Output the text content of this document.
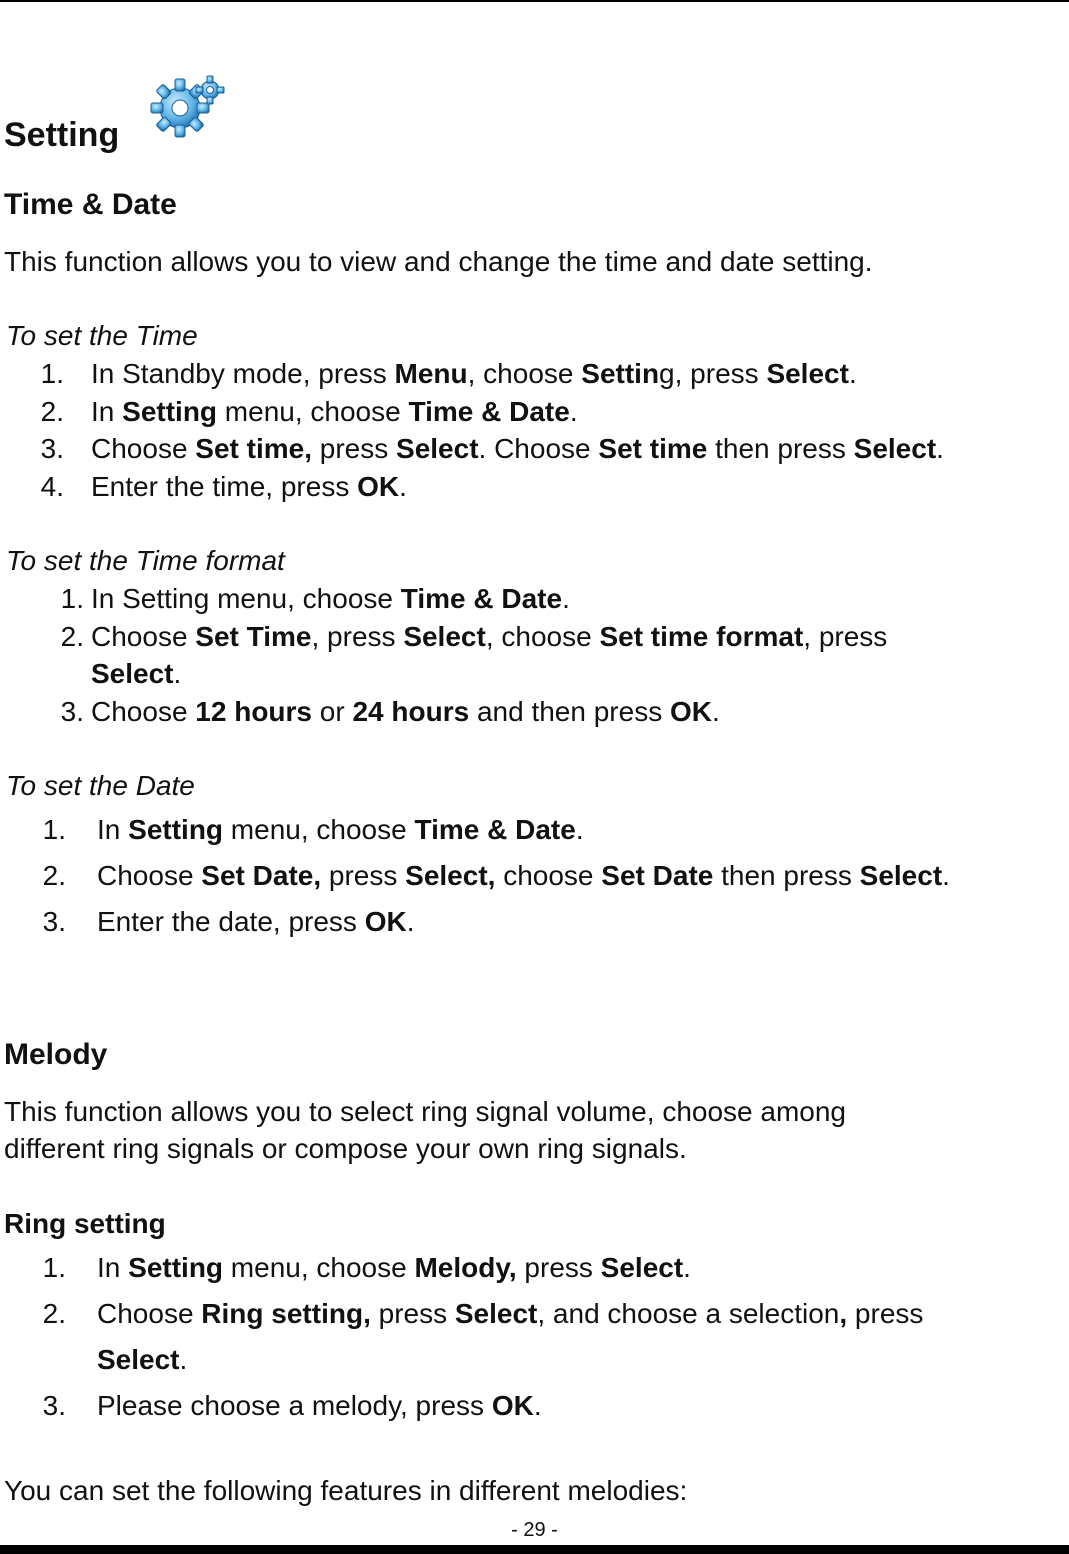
Setting
Time & Date
This function allows you to view and change the time and date setting.
To set the Time
To set the Time format
To set the Date
Melody
This function allows you to select ring signal volume, choose among
different ring signals or compose your own ring signals.
Ring setting
You can set the following features in different melodies:
- 29 -
1. In Standby mode, press Menu, choose Setting, press Select.
2. In Setting menu, choose Time & Date.
3. Choose Set time, press Select. Choose Set time then press Select.
4. Enter the time, press OK.
1. In Setting menu, choose Time & Date.
2. Choose Set Time, press Select, choose Set time format, press
Select.
3. Choose 12 hours or 24 hours and then press OK.
1. In Setting menu, choose Time & Date.
2. Choose Set Date, press Select, choose Set Date then press Select.
3. Enter the date, press OK.
1. In Setting menu, choose Melody, press Select.
2. Choose Ring setting, press Select, and choose a selection, press
Select.
3. Please choose a melody, press OK.
